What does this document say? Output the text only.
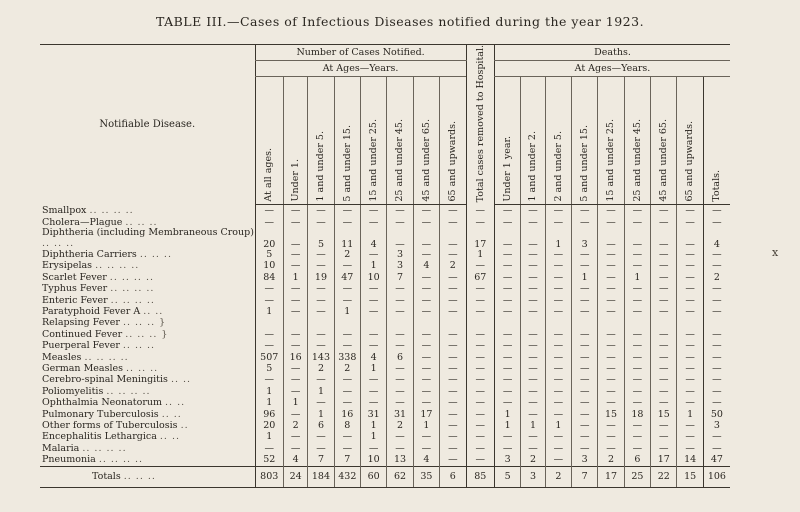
TABLE III.—Cases of Infectious Diseases notified during the year 1923.
Notifiable Disease.	Number of Cases Notified.								Total cases removed to Hospital.	Deaths.								
	At Ages—Years.									At Ages—Years.								
	At all ages.	Under 1.	1 and under 5.	5 and under 15.	15 and under 25.	25 and under 45.	45 and under 65.	65 and upwards.		Under 1 year.	1 and under 2.	2 and under 5.	5 and under 15.	15 and under 25.	25 and under 45.	45 and under 65.	65 and upwards.	Totals.
Smallpox .. .. .. ..	—	—	—	—	—	—	—	—	—	—	—	—	—	—	—	—	—	—
Cholera—Plague .. .. ..	—	—	—	—	—	—	—	—	—	—	—	—	—	—	—	—	—	—
Diphtheria (including Membraneous Croup) .. .. ..	20	—	5	11	4	—	—	—	17	—	—	1	3	—	—	—	—	4
Diphtheria Carriers .. .. ..	5	—	—	2	—	3	—	—	1	—	—	—	—	—	—	—	—	—
Erysipelas .. .. .. ..	10	—	—	—	1	3	4	2	—	—	—	—	—	—	—	—	—	—
Scarlet Fever .. .. .. ..	84	1	19	47	10	7	—	—	67	—	—	—	1	—	1	—	—	2
Typhus Fever .. .. .. ..	—	—	—	—	—	—	—	—	—	—	—	—	—	—	—	—	—	—
Enteric Fever .. .. .. ..	—	—	—	—	—	—	—	—	—	—	—	—	—	—	—	—	—	—
Paratyphoid Fever A .. ..	1	—	—	1	—	—	—	—	—	—	—	—	—	—	—	—	—	—
Relapsing Fever .. .. .. }																		
Continued Fever .. .. .. }	—	—	—	—	—	—	—	—	—	—	—	—	—	—	—	—	—	—
Puerperal Fever .. .. ..	—	—	—	—	—	—	—	—	—	—	—	—	—	—	—	—	—	—
Measles .. .. .. ..	507	16	143	338	4	6	—	—	—	—	—	—	—	—	—	—	—	—
German Measles .. .. ..	5	—	2	2	1	—	—	—	—	—	—	—	—	—	—	—	—	—
Cerebro-spinal Meningitis .. ..	—	—	—	—	—	—	—	—	—	—	—	—	—	—	—	—	—	—
Poliomyelitis .. .. .. ..	1	—	1	—	—	—	—	—	—	—	—	—	—	—	—	—	—	—
Ophthalmia Neonatorum .. ..	1	1	—	—	—	—	—	—	—	—	—	—	—	—	—	—	—	—
Pulmonary Tuberculosis .. ..	96	—	1	16	31	31	17	—	—	1	—	—	—	15	18	15	1	50
Other forms of Tuberculosis ..	20	2	6	8	1	2	1	—	—	1	1	1	—	—	—	—	—	3
Encephalitis Lethargica .. ..	1	—	—	—	1	—	—	—	—	—	—	—	—	—	—	—	—	—
Malaria .. .. .. ..	—	—	—	—	—	—	—	—	—	—	—	—	—	—	—	—	—	—
Pneumonia .. .. .. ..	52	4	7	7	10	13	4	—	—	3	2	—	3	2	6	17	14	47
Totals .. .. ..	803	24	184	432	60	62	35	6	85	5	3	2	7	17	25	22	15	106
x
